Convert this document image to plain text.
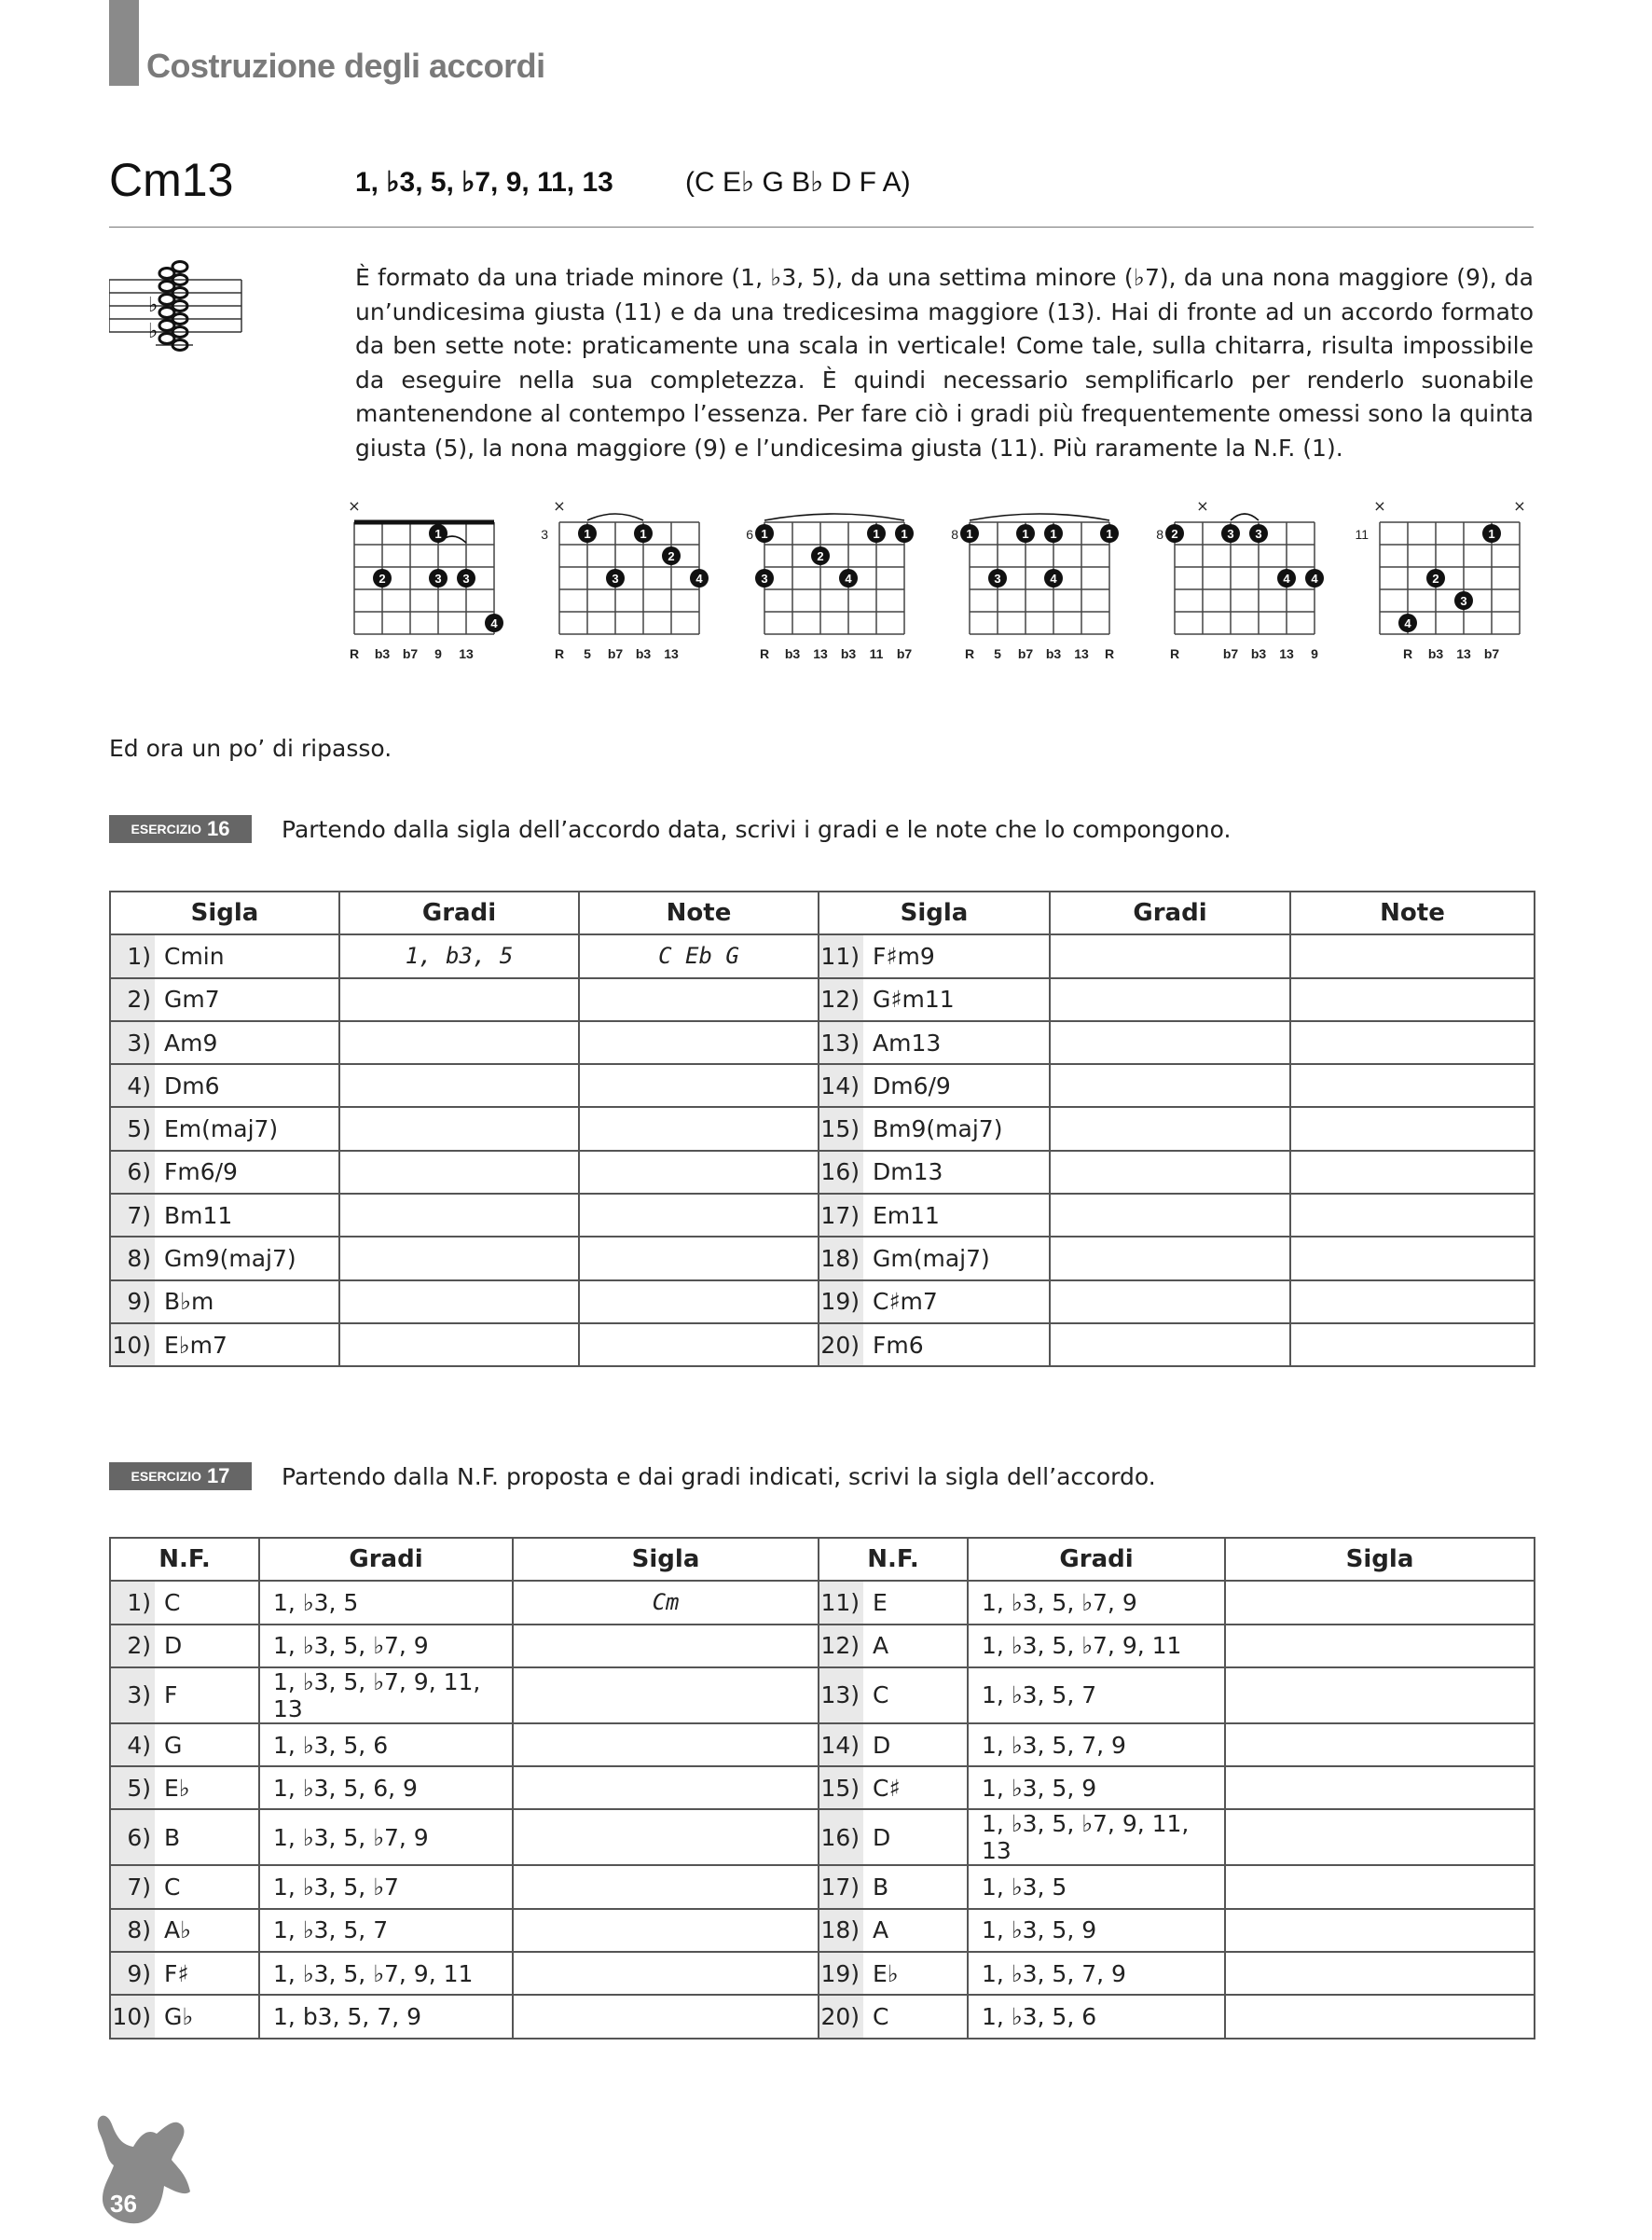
Costruzione degli accordi
Cm13	1, ♭3, 5, ♭7, 9, 11, 13	(C E♭ G B♭ D F A)
♭
♭
È formato da una triade minore (1, ♭3, 5), da una settima minore (♭7), da una nona maggiore (9), da un’undicesima giusta (11) e da una tredicesima maggiore (13). Hai di fronte ad un accordo formato da ben sette note: praticamente una scala in verticale! Come tale, sulla chitarra, risulta impossibile da eseguire nella sua completezza. È quindi necessario semplificarlo per renderlo suonabile mantenendone al contempo l’essenza. Per fare ciò i gradi più frequentemente omessi sono la quinta giusta (5), la nona maggiore (9) e l’undicesima giusta (11). Più raramente la N.F. (1).
×
1
2	3 3
4
R b3 b7 9 13
3
×
1	1
2
3	4
R 5 b7 b3 13
6 1	1 1
2
3	4
R b3 13 b3 11 b7
8 1	1 1	1
3	4
R 5 b7 b3 13 R
8
×
2	3 3
4 4
R	b7 b3 13 9
11
×	×
1
2
3
4
R b3 13 b7
Ed ora un po’ di ripasso.
ESERCIZIO 16 Partendo dalla sigla dell’accordo data, scrivi i gradi e le note che lo compongono.
Sigla		Gradi	Note	Sigla		Gradi	Note
1)	Cmin	1, b3, 5	C Eb G	11)	F♯m9		
2)	Gm7			12)	G♯m11		
3)	Am9			13)	Am13		
4)	Dm6			14)	Dm6/9		
5)	Em(maj7)			15)	Bm9(maj7)		
6)	Fm6/9			16)	Dm13		
7)	Bm11			17)	Em11		
8)	Gm9(maj7)			18)	Gm(maj7)		
9)	B♭m			19)	C♯m7		
10)	E♭m7			20)	Fm6		
ESERCIZIO 17 Partendo dalla N.F. proposta e dai gradi indicati, scrivi la sigla dell’accordo.
N.F.		Gradi	Sigla	N.F.		Gradi	Sigla
1)	C	1, ♭3, 5	Cm	11)	E	1, ♭3, 5, ♭7, 9	
2)	D	1, ♭3, 5, ♭7, 9		12)	A	1, ♭3, 5, ♭7, 9, 11	
3)	F	1, ♭3, 5, ♭7, 9, 11, 13		13)	C	1, ♭3, 5, 7	
4)	G	1, ♭3, 5, 6		14)	D	1, ♭3, 5, 7, 9	
5)	E♭	1, ♭3, 5, 6, 9		15)	C♯	1, ♭3, 5, 9	
6)	B	1, ♭3, 5, ♭7, 9		16)	D	1, ♭3, 5, ♭7, 9, 11, 13	
7)	C	1, ♭3, 5, ♭7		17)	B	1, ♭3, 5	
8)	A♭	1, ♭3, 5, 7		18)	A	1, ♭3, 5, 9	
9)	F♯	1, ♭3, 5, ♭7, 9, 11		19)	E♭	1, ♭3, 5, 7, 9	
10)	G♭	1, b3, 5, 7, 9		20)	C	1, ♭3, 5, 6	
36
